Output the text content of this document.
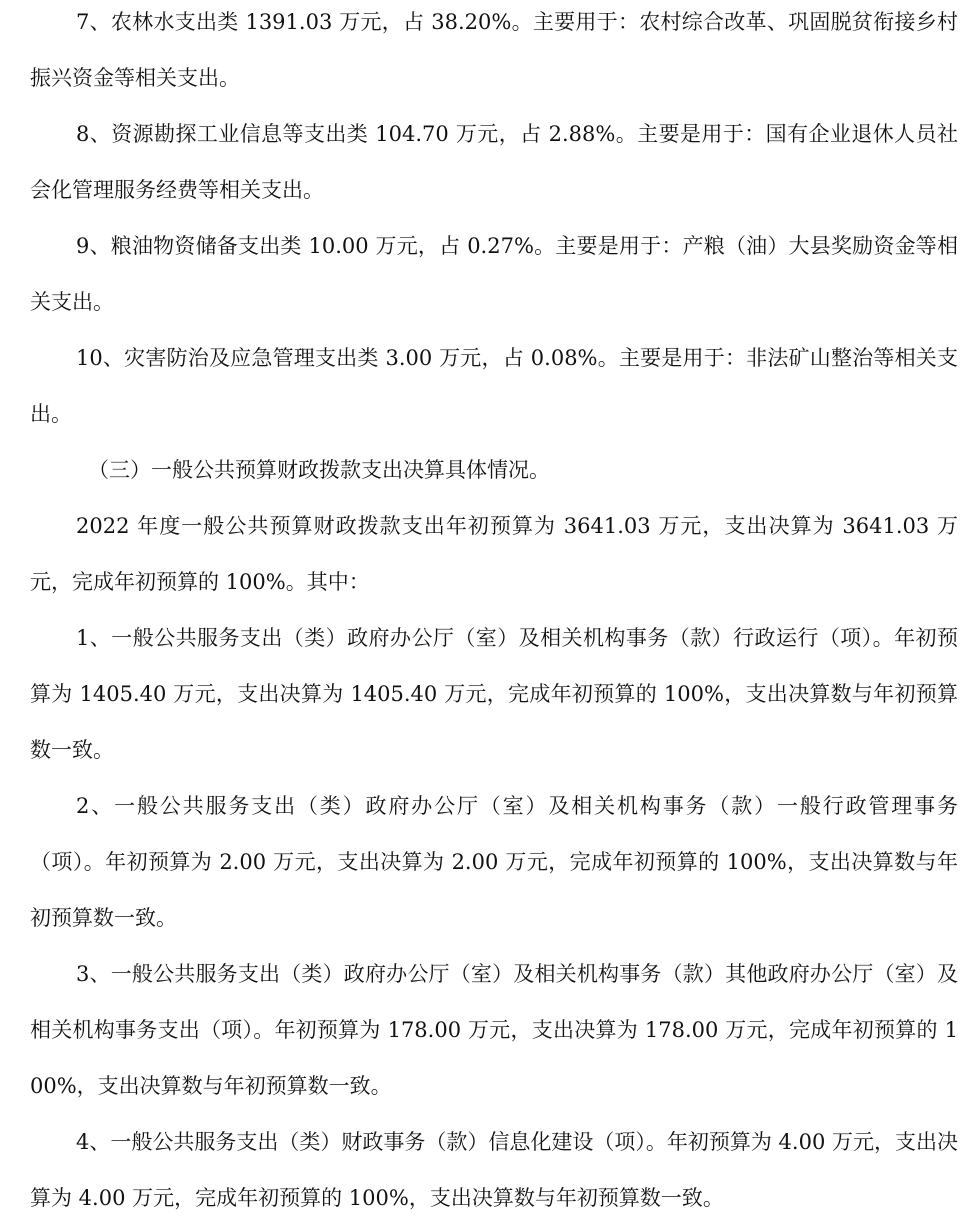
7、农林水支出类 1391.03 万元，占 38.20%。主要用于：农村综合改革、巩固脱贫衔接乡村振兴资金等相关支出。

8、资源勘探工业信息等支出类 104.70 万元，占 2.88%。主要是用于：国有企业退休人员社会化管理服务经费等相关支出。

9、粮油物资储备支出类 10.00 万元，占 0.27%。主要是用于：产粮（油）大县奖励资金等相关支出。

10、灾害防治及应急管理支出类 3.00 万元，占 0.08%。主要是用于：非法矿山整治等相关支出。

（三）一般公共预算财政拨款支出决算具体情况。

2022 年度一般公共预算财政拨款支出年初预算为 3641.03 万元，支出决算为 3641.03 万元，完成年初预算的 100%。其中：

1、一般公共服务支出（类）政府办公厅（室）及相关机构事务（款）行政运行（项）。年初预算为 1405.40 万元，支出决算为 1405.40 万元，完成年初预算的 100%，支出决算数与年初预算数一致。

2、一般公共服务支出（类）政府办公厅（室）及相关机构事务（款）一般行政管理事务（项）。年初预算为 2.00 万元，支出决算为 2.00 万元，完成年初预算的 100%，支出决算数与年初预算数一致。

3、一般公共服务支出（类）政府办公厅（室）及相关机构事务（款）其他政府办公厅（室）及相关机构事务支出（项）。年初预算为 178.00 万元，支出决算为 178.00 万元，完成年初预算的 100%，支出决算数与年初预算数一致。

4、一般公共服务支出（类）财政事务（款）信息化建设（项）。年初预算为 4.00 万元，支出决算为 4.00 万元，完成年初预算的 100%，支出决算数与年初预算数一致。
